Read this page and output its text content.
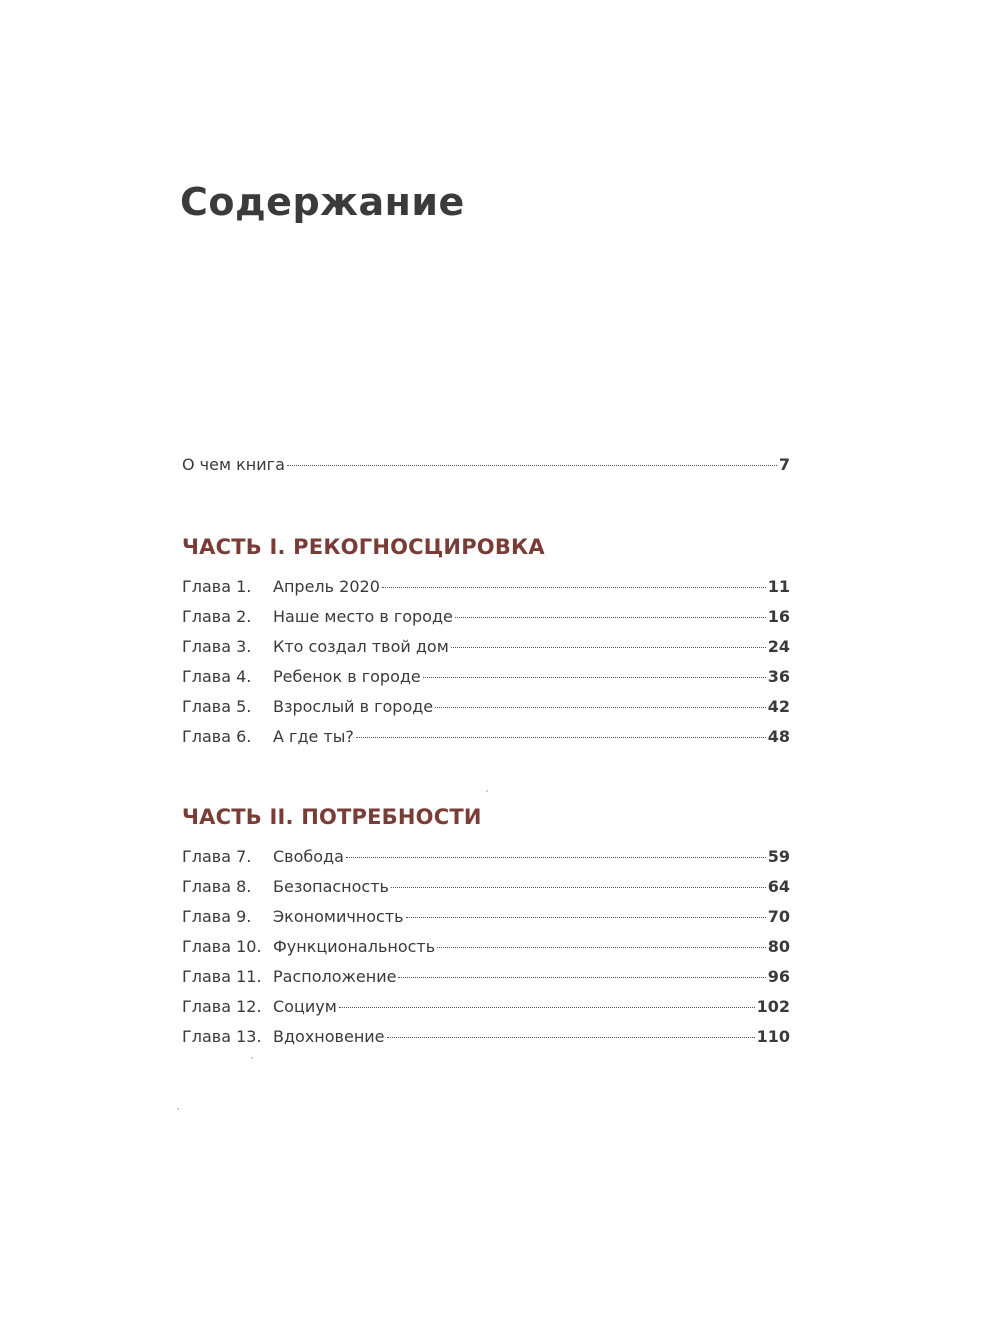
Содержание
О чем книга	7
ЧАСТЬ I. РЕКОГНОСЦИРОВКА
Глава 1.	Апрель 2020	11
Глава 2.	Наше место в городе	16
Глава 3.	Кто создал твой дом	24
Глава 4.	Ребенок в городе	36
Глава 5.	Взрослый в городе	42
Глава 6.	А где ты?	48
ЧАСТЬ II. ПОТРЕБНОСТИ
Глава 7.	Свобода	59
Глава 8.	Безопасность	64
Глава 9.	Экономичность	70
Глава 10. Функциональность	80
Глава 11. Расположение	96
Глава 12. Социум	102
Глава 13. Вдохновение	110
